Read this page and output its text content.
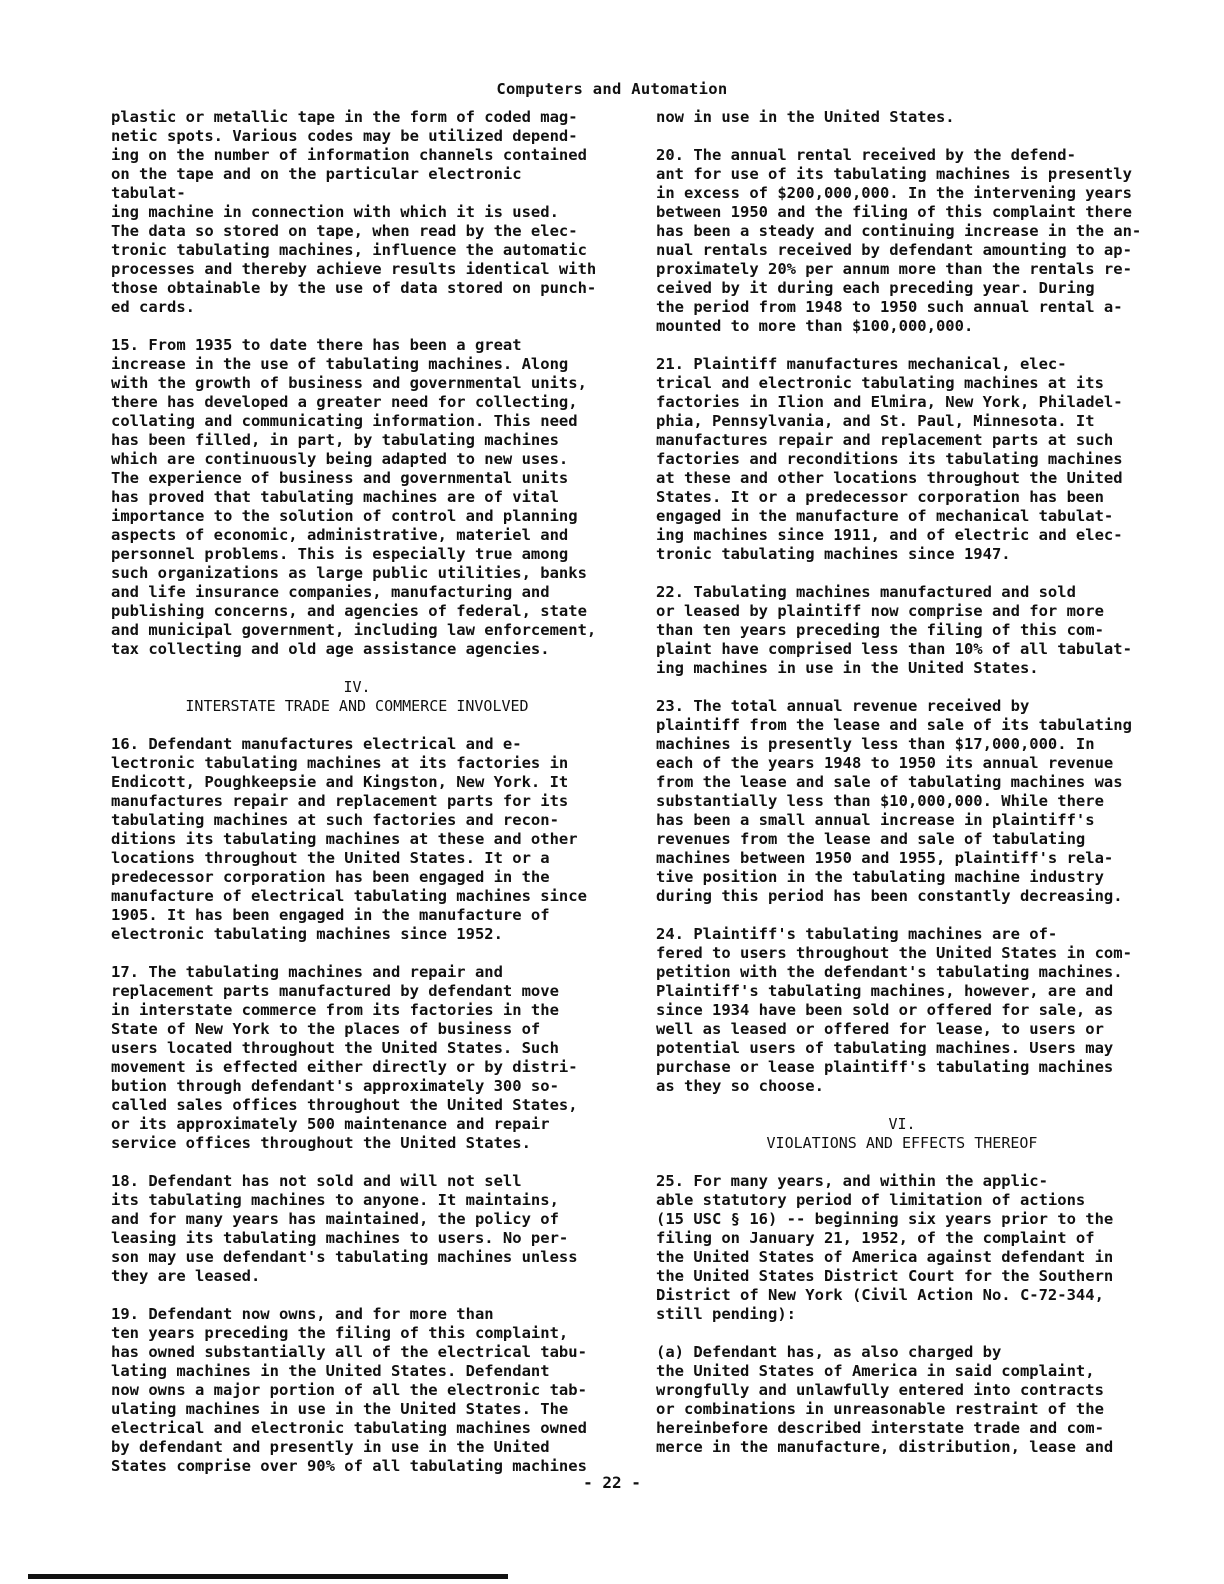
Computers and Automation

plastic or metallic tape in the form of coded mag-
netic spots. Various codes may be utilized depend-
ing on the number of information channels contained
on the tape and on the particular electronic tabulat-
ing machine in connection with which it is used.
The data so stored on tape, when read by the elec-
tronic tabulating machines, influence the automatic
processes and thereby achieve results identical with
those obtainable by the use of data stored on punch-
ed cards.

15. From 1935 to date there has been a great
increase in the use of tabulating machines. Along
with the growth of business and governmental units,
there has developed a greater need for collecting,
collating and communicating information. This need
has been filled, in part, by tabulating machines
which are continuously being adapted to new uses.
The experience of business and governmental units
has proved that tabulating machines are of vital
importance to the solution of control and planning
aspects of economic, administrative, materiel and
personnel problems. This is especially true among
such organizations as large public utilities, banks
and life insurance companies, manufacturing and
publishing concerns, and agencies of federal, state
and municipal government, including law enforcement,
tax collecting and old age assistance agencies.

IV.
INTERSTATE TRADE AND COMMERCE INVOLVED

16. Defendant manufactures electrical and e-
lectronic tabulating machines at its factories in
Endicott, Poughkeepsie and Kingston, New York. It
manufactures repair and replacement parts for its
tabulating machines at such factories and recon-
ditions its tabulating machines at these and other
locations throughout the United States. It or a
predecessor corporation has been engaged in the
manufacture of electrical tabulating machines since
1905. It has been engaged in the manufacture of
electronic tabulating machines since 1952.

17. The tabulating machines and repair and
replacement parts manufactured by defendant move
in interstate commerce from its factories in the
State of New York to the places of business of
users located throughout the United States. Such
movement is effected either directly or by distri-
bution through defendant's approximately 300 so-
called sales offices throughout the United States,
or its approximately 500 maintenance and repair
service offices throughout the United States.

18. Defendant has not sold and will not sell
its tabulating machines to anyone. It maintains,
and for many years has maintained, the policy of
leasing its tabulating machines to users. No per-
son may use defendant's tabulating machines unless
they are leased.

19. Defendant now owns, and for more than
ten years preceding the filing of this complaint,
has owned substantially all of the electrical tabu-
lating machines in the United States. Defendant
now owns a major portion of all the electronic tab-
ulating machines in use in the United States. The
electrical and electronic tabulating machines owned
by defendant and presently in use in the United
States comprise over 90% of all tabulating machines

now in use in the United States.

20. The annual rental received by the defend-
ant for use of its tabulating machines is presently
in excess of $200,000,000. In the intervening years
between 1950 and the filing of this complaint there
has been a steady and continuing increase in the an-
nual rentals received by defendant amounting to ap-
proximately 20% per annum more than the rentals re-
ceived by it during each preceding year. During
the period from 1948 to 1950 such annual rental a-
mounted to more than $100,000,000.

21. Plaintiff manufactures mechanical, elec-
trical and electronic tabulating machines at its
factories in Ilion and Elmira, New York, Philadel-
phia, Pennsylvania, and St. Paul, Minnesota. It
manufactures repair and replacement parts at such
factories and reconditions its tabulating machines
at these and other locations throughout the United
States. It or a predecessor corporation has been
engaged in the manufacture of mechanical tabulat-
ing machines since 1911, and of electric and elec-
tronic tabulating machines since 1947.

22. Tabulating machines manufactured and sold
or leased by plaintiff now comprise and for more
than ten years preceding the filing of this com-
plaint have comprised less than 10% of all tabulat-
ing machines in use in the United States.

23. The total annual revenue received by
plaintiff from the lease and sale of its tabulating
machines is presently less than $17,000,000. In
each of the years 1948 to 1950 its annual revenue
from the lease and sale of tabulating machines was
substantially less than $10,000,000. While there
has been a small annual increase in plaintiff's
revenues from the lease and sale of tabulating
machines between 1950 and 1955, plaintiff's rela-
tive position in the tabulating machine industry
during this period has been constantly decreasing.

24. Plaintiff's tabulating machines are of-
fered to users throughout the United States in com-
petition with the defendant's tabulating machines.
Plaintiff's tabulating machines, however, are and
since 1934 have been sold or offered for sale, as
well as leased or offered for lease, to users or
potential users of tabulating machines. Users may
purchase or lease plaintiff's tabulating machines
as they so choose.

VI.
VIOLATIONS AND EFFECTS THEREOF

25. For many years, and within the applic-
able statutory period of limitation of actions
(15 USC § 16) -- beginning six years prior to the
filing on January 21, 1952, of the complaint of
the United States of America against defendant in
the United States District Court for the Southern
District of New York (Civil Action No. C-72-344,
still pending):

(a) Defendant has, as also charged by
the United States of America in said complaint,
wrongfully and unlawfully entered into contracts
or combinations in unreasonable restraint of the
hereinbefore described interstate trade and com-
merce in the manufacture, distribution, lease and

- 22 -
